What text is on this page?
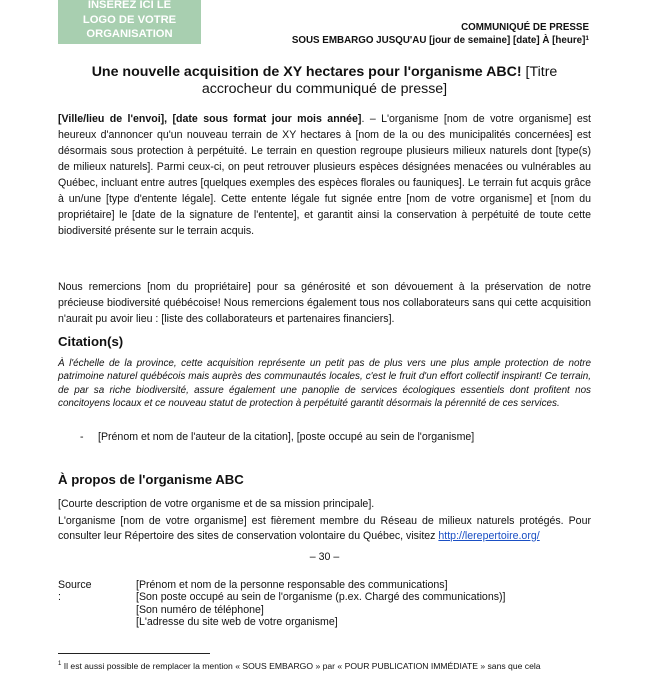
INSÉREZ ICI LE
LOGO DE VOTRE
ORGANISATION
COMMUNIQUÉ DE PRESSE
SOUS EMBARGO JUSQU'AU [jour de semaine] [date] À [heure]$^1$
Une nouvelle acquisition de XY hectares pour l'organisme ABC! [Titre accrocheur du communiqué de presse]

[Ville/lieu de l'envoi], [date sous format jour mois année]. – L'organisme [nom de votre organisme] est heureux d'annoncer qu'un nouveau terrain de XY hectares à [nom de la ou des municipalités concernées] est désormais sous protection à perpétuité. Le terrain en question regroupe plusieurs milieux naturels dont [type(s) de milieux naturels]. Parmi ceux-ci, on peut retrouver plusieurs espèces désignées menacées ou vulnérables au Québec, incluant entre autres [quelques exemples des espèces florales ou fauniques]. Le terrain fut acquis grâce à un/une [type d'entente légale]. Cette entente légale fut signée entre [nom de votre organisme] et [nom du propriétaire] le [date de la signature de l'entente], et garantit ainsi la conservation à perpétuité de toute cette biodiversité présente sur le terrain acquis.

Nous remercions [nom du propriétaire] pour sa générosité et son dévouement à la préservation de notre précieuse biodiversité québécoise! Nous remercions également tous nos collaborateurs sans qui cette acquisition n'aurait pu avoir lieu : [liste des collaborateurs et partenaires financiers].

Citation(s)

À l'échelle de la province, cette acquisition représente un petit pas de plus vers une plus ample protection de notre patrimoine naturel québécois mais auprès des communautés locales, c'est le fruit d'un effort collectif inspirant! Ce terrain, de par sa riche biodiversité, assure également une panoplie de services écologiques essentiels dont profitent nos concitoyens locaux et ce nouveau statut de protection à perpétuité garantit désormais la pérennité de ces services.

- [Prénom et nom de l'auteur de la citation], [poste occupé au sein de l'organisme]
À propos de l'organisme ABC

[Courte description de votre organisme et de sa mission principale].

L'organisme [nom de votre organisme] est fièrement membre du Réseau de milieux naturels protégés. Pour consulter leur Répertoire des sites de conservation volontaire du Québec, visitez http://lerepertoire.org/

– 30 –
Source :
[Prénom et nom de la personne responsable des communications]
[Son poste occupé au sein de l'organisme (p.ex. Chargé des communications)]
[Son numéro de téléphone]
[L'adresse du site web de votre organisme]
$^1$ Il est aussi possible de remplacer la mention « SOUS EMBARGO » par « POUR PUBLICATION IMMÉDIATE » sans que cela
